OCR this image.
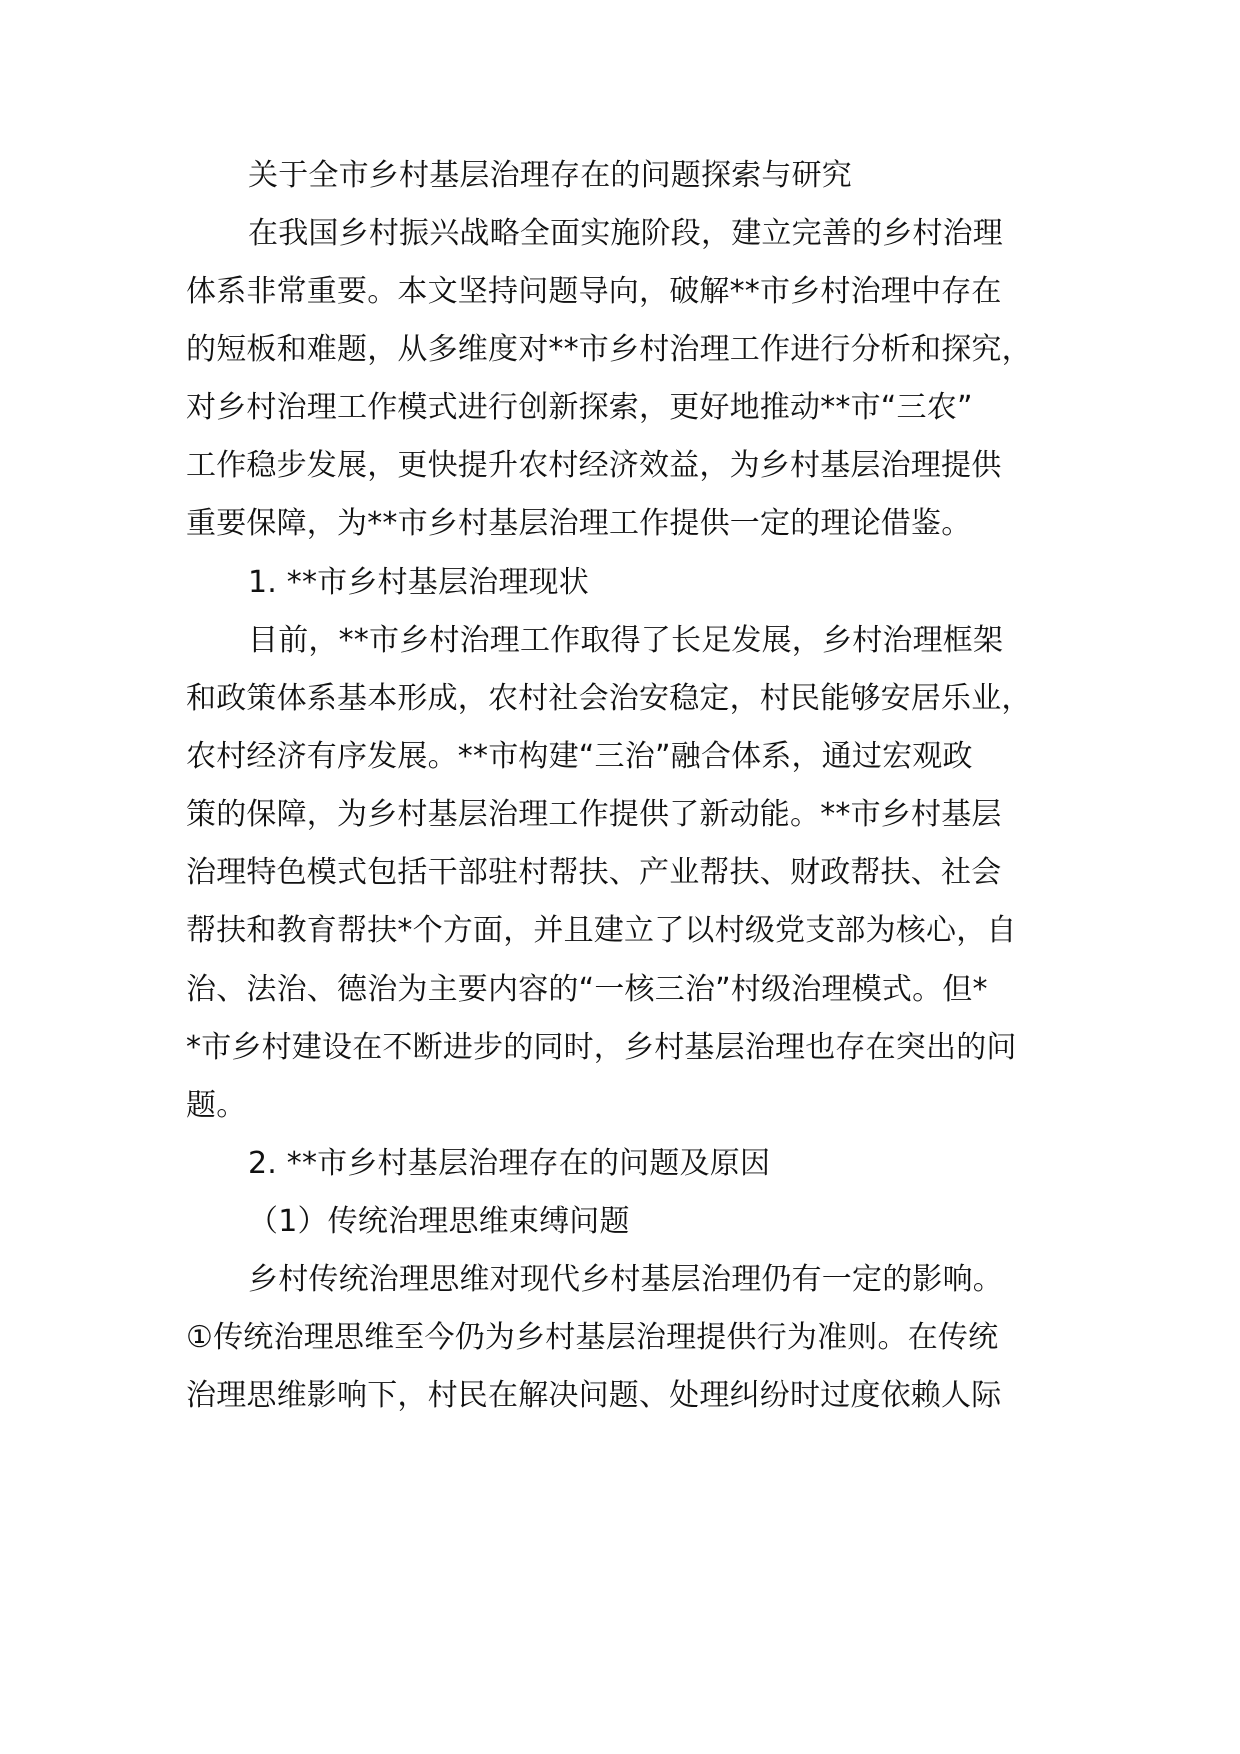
关于全市乡村基层治理存在的问题探索与研究
在我国乡村振兴战略全面实施阶段，建立完善的乡村治理
体系非常重要。本文坚持问题导向，破解**市乡村治理中存在
的短板和难题，从多维度对**市乡村治理工作进行分析和探究，
对乡村治理工作模式进行创新探索，更好地推动**市“三农”
工作稳步发展，更快提升农村经济效益，为乡村基层治理提供
重要保障，为**市乡村基层治理工作提供一定的理论借鉴。
1. **市乡村基层治理现状
目前，**市乡村治理工作取得了长足发展，乡村治理框架
和政策体系基本形成，农村社会治安稳定，村民能够安居乐业，
农村经济有序发展。**市构建“三治”融合体系，通过宏观政
策的保障，为乡村基层治理工作提供了新动能。**市乡村基层
治理特色模式包括干部驻村帮扶、产业帮扶、财政帮扶、社会
帮扶和教育帮扶*个方面，并且建立了以村级党支部为核心，自
治、法治、德治为主要内容的“一核三治”村级治理模式。但*
*市乡村建设在不断进步的同时，乡村基层治理也存在突出的问
题。
2. **市乡村基层治理存在的问题及原因
（1）传统治理思维束缚问题
乡村传统治理思维对现代乡村基层治理仍有一定的影响。
①传统治理思维至今仍为乡村基层治理提供行为准则。在传统
治理思维影响下，村民在解决问题、处理纠纷时过度依赖人际
